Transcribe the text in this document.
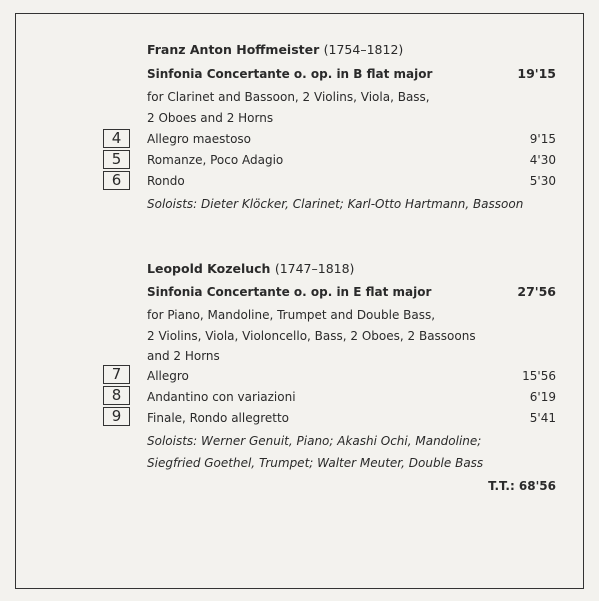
Franz Anton Hoffmeister (1754–1812)
Sinfonia Concertante o. op. in B flat major	19'15
for Clarinet and Bassoon, 2 Violins, Viola, Bass,
2 Oboes and 2 Horns
4	Allegro maestoso	9'15
5	Romanze, Poco Adagio	4'30
6	Rondo	5'30
Soloists: Dieter Klöcker, Clarinet; Karl-Otto Hartmann, Bassoon
Leopold Kozeluch (1747–1818)
Sinfonia Concertante o. op. in E flat major	27'56
for Piano, Mandoline, Trumpet and Double Bass,
2 Violins, Viola, Violoncello, Bass, 2 Oboes, 2 Bassoons
and 2 Horns
7	Allegro	15'56
8	Andantino con variazioni	6'19
9	Finale, Rondo allegretto	5'41
Soloists: Werner Genuit, Piano; Akashi Ochi, Mandoline;
Siegfried Goethel, Trumpet; Walter Meuter, Double Bass
T.T.: 68'56
